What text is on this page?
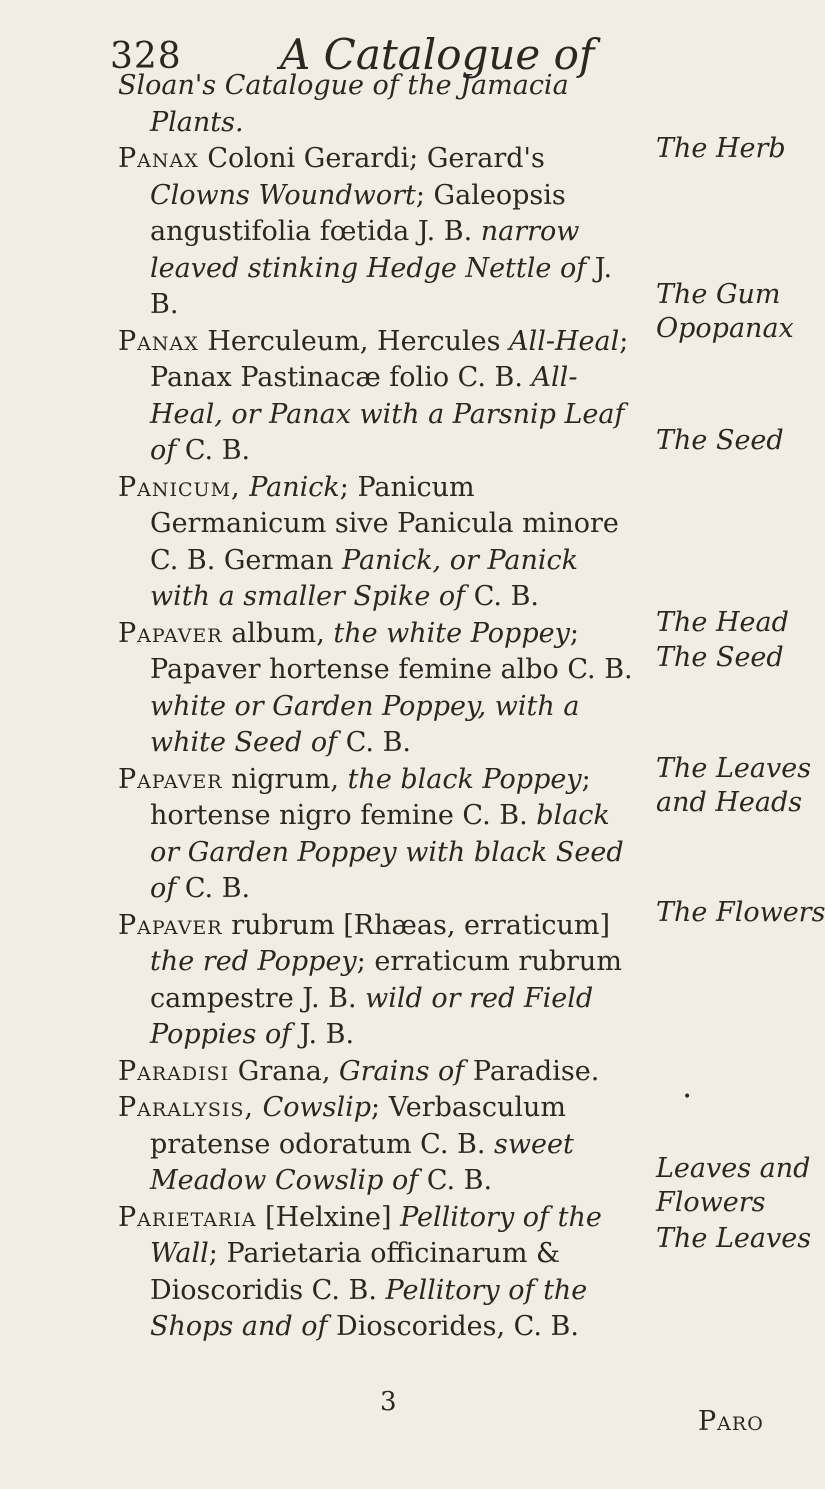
328 A Catalogue of

Sloan's Catalogue of the Jamacia Plants.

Panax Coloni Gerardi; Gerard's Clowns Woundwort; Galeopsis angustifolia fœtida J. B. narrow leaved stinking Hedge Nettle of J. B.

Panax Herculeum, Hercules All-Heal; Panax Pastinacæ folio C. B. All-Heal, or Panax with a Parsnip Leaf of C. B.

Panicum, Panick; Panicum Germanicum sive Panicula minore C. B. German Panick, or Panick with a smaller Spike of C. B.

Papaver album, the white Poppey; Papaver hortense femine albo C. B. white or Garden Poppey, with a white Seed of C. B.

Papaver nigrum, the black Poppey; hortense nigro femine C. B. black or Garden Poppey with black Seed of C. B.

Papaver rubrum [Rhæas, erraticum] the red Poppey; erraticum rubrum campestre J. B. wild or red Field Poppies of J. B.

Paradisi Grana, Grains of Paradise.

Paralysis, Cowslip; Verbasculum pratense odoratum C. B. sweet Meadow Cowslip of C. B.

Parietaria [Helxine] Pellitory of the Wall; Parietaria officinarum & Dioscoridis C. B. Pellitory of the Shops and of Dioscorides, C. B.

The Herb
The Gum Opopanax
The Seed
The Head
The Seed
The Leaves
and Heads
The Flowers
Leaves and
Flowers
The Leaves
•
3
Paro
